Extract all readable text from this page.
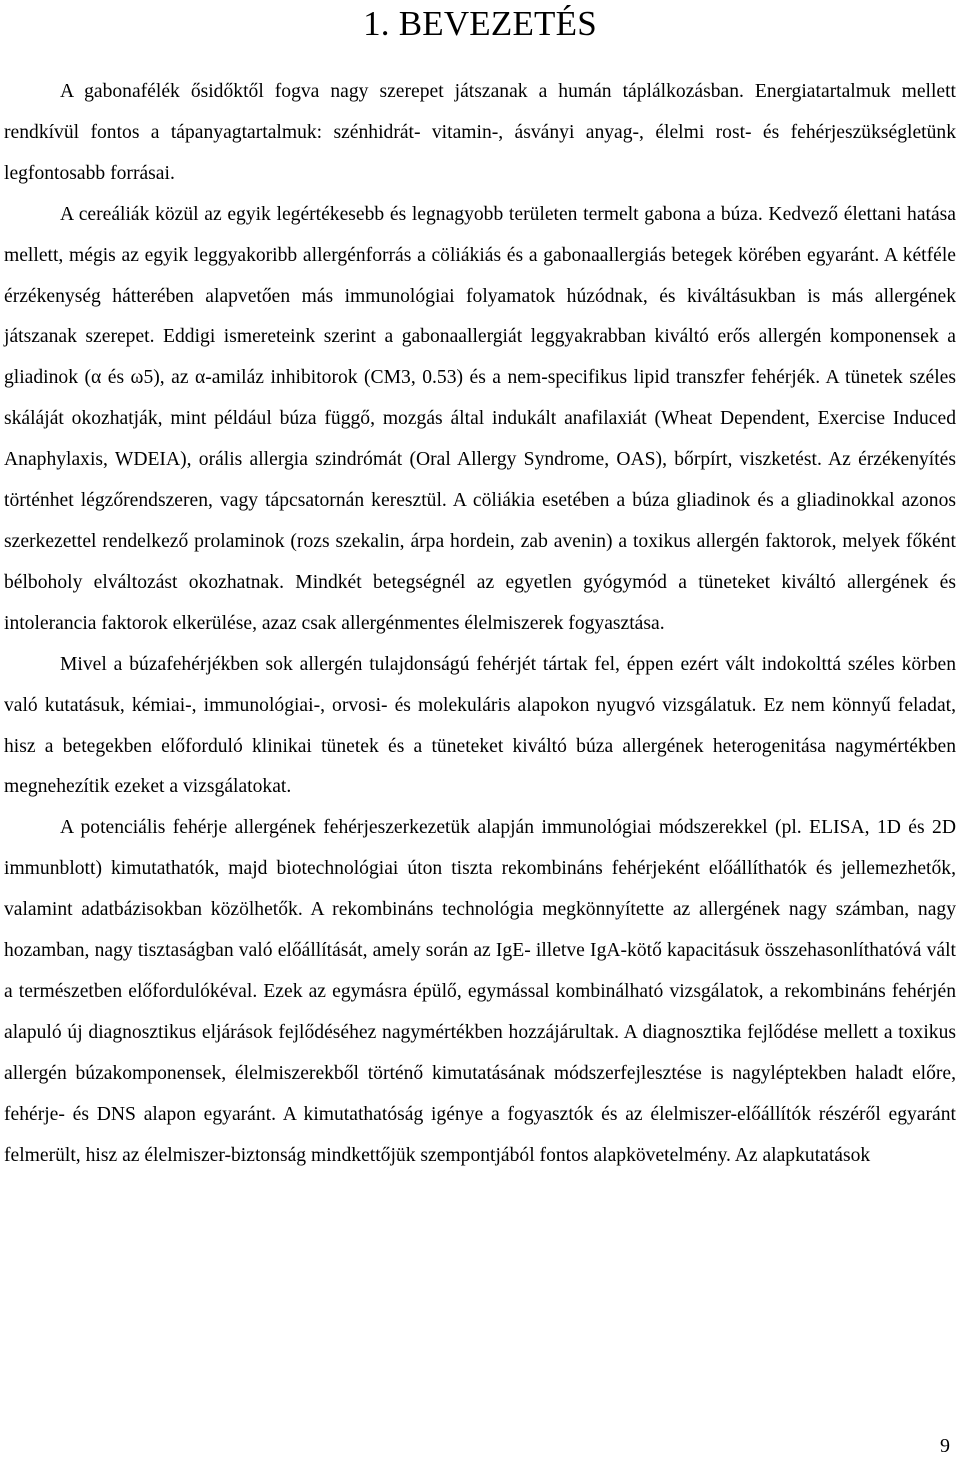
1. BEVEZETÉS

A gabonafélék ősidőktől fogva nagy szerepet játszanak a humán táplálkozásban. Energiatartalmuk mellett rendkívül fontos a tápanyagtartalmuk: szénhidrát- vitamin-, ásványi anyag-, élelmi rost- és fehérjeszükségletünk legfontosabb forrásai.

A cereáliák közül az egyik legértékesebb és legnagyobb területen termelt gabona a búza. Kedvező élettani hatása mellett, mégis az egyik leggyakoribb allergénforrás a cöliákiás és a gabonaallergiás betegek körében egyaránt. A kétféle érzékenység hátterében alapvetően más immunológiai folyamatok húzódnak, és kiváltásukban is más allergének játszanak szerepet. Eddigi ismereteink szerint a gabonaallergiát leggyakrabban kiváltó erős allergén komponensek a gliadinok (α és ω5), az α-amiláz inhibitorok (CM3, 0.53) és a nem-specifikus lipid transzfer fehérjék. A tünetek széles skáláját okozhatják, mint például búza függő, mozgás által indukált anafilaxiát (Wheat Dependent, Exercise Induced Anaphylaxis, WDEIA), orális allergia szindrómát (Oral Allergy Syndrome, OAS), bőrpírt, viszketést. Az érzékenyítés történhet légzőrendszeren, vagy tápcsatornán keresztül. A cöliákia esetében a búza gliadinok és a gliadinokkal azonos szerkezettel rendelkező prolaminok (rozs szekalin, árpa hordein, zab avenin) a toxikus allergén faktorok, melyek főként bélboholy elváltozást okozhatnak. Mindkét betegségnél az egyetlen gyógymód a tüneteket kiváltó allergének és intolerancia faktorok elkerülése, azaz csak allergénmentes élelmiszerek fogyasztása.

Mivel a búzafehérjékben sok allergén tulajdonságú fehérjét tártak fel, éppen ezért vált indokolttá széles körben való kutatásuk, kémiai-, immunológiai-, orvosi- és molekuláris alapokon nyugvó vizsgálatuk. Ez nem könnyű feladat, hisz a betegekben előforduló klinikai tünetek és a tüneteket kiváltó búza allergének heterogenitása nagymértékben megnehezítik ezeket a vizsgálatokat.

A potenciális fehérje allergének fehérjeszerkezetük alapján immunológiai módszerekkel (pl. ELISA, 1D és 2D immunblott) kimutathatók, majd biotechnológiai úton tiszta rekombináns fehérjeként előállíthatók és jellemezhetők, valamint adatbázisokban közölhetők. A rekombináns technológia megkönnyítette az allergének nagy számban, nagy hozamban, nagy tisztaságban való előállítását, amely során az IgE- illetve IgA-kötő kapacitásuk összehasonlíthatóvá vált a természetben előfordulókéval. Ezek az egymásra épülő, egymással kombinálható vizsgálatok, a rekombináns fehérjén alapuló új diagnosztikus eljárások fejlődéséhez nagymértékben hozzájárultak. A diagnosztika fejlődése mellett a toxikus allergén búzakomponensek, élelmiszerekből történő kimutatásának módszerfejlesztése is nagyléptekben haladt előre, fehérje- és DNS alapon egyaránt. A kimutathatóság igénye a fogyasztók és az élelmiszer-előállítók részéről egyaránt felmerült, hisz az élelmiszer-biztonság mindkettőjük szempontjából fontos alapkövetelmény. Az alapkutatások

9
